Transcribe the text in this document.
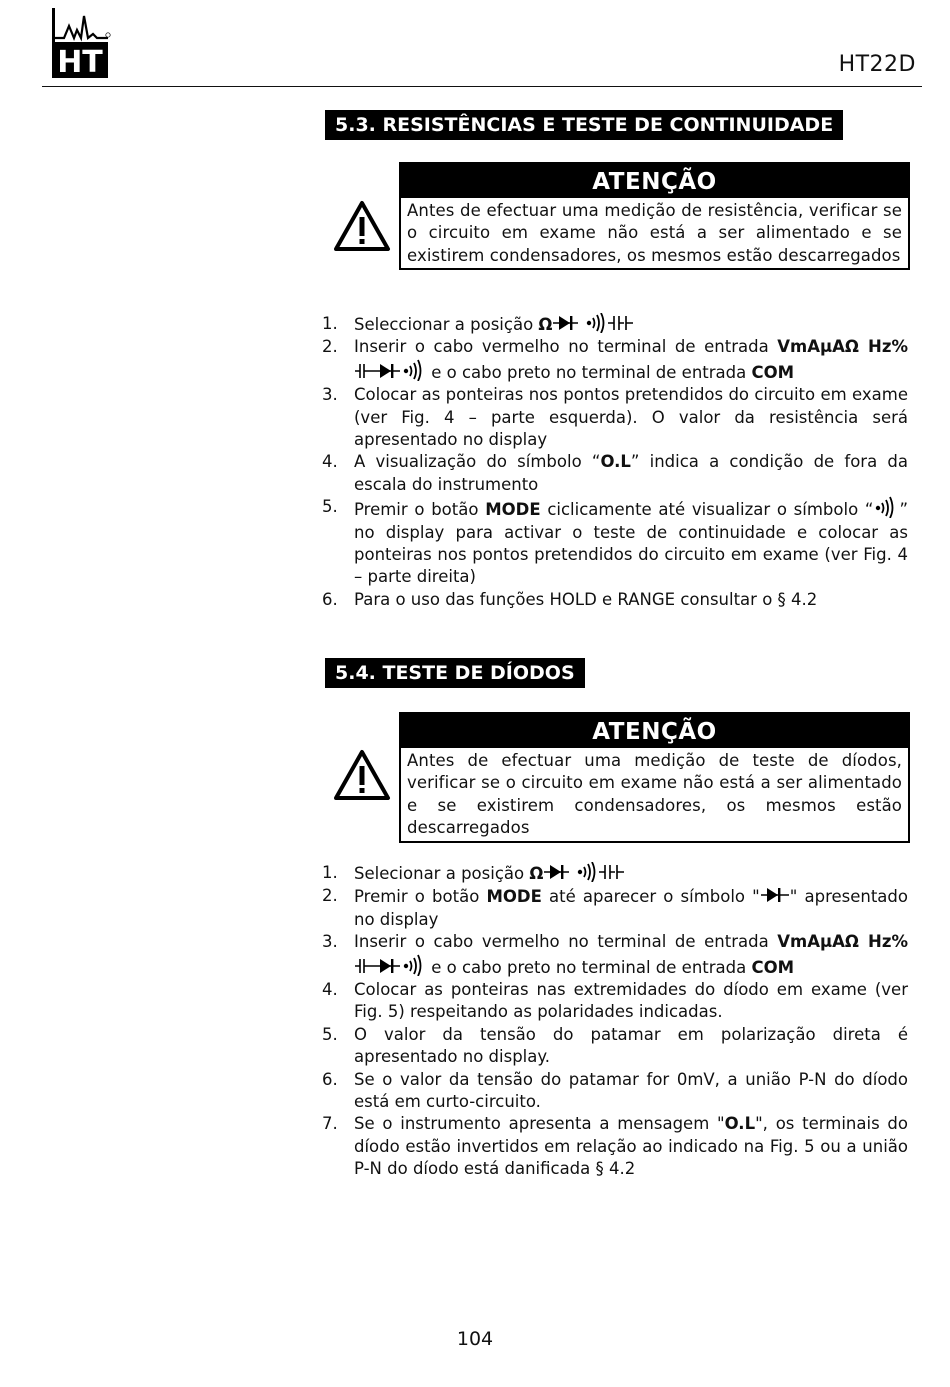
HT	HT22D
5.3. RESISTÊNCIAS E TESTE DE CONTINUIDADE
ATENÇÃO
Antes de efectuar uma medição de resistência, verificar se o circuito em exame não está a ser alimentado e se existirem condensadores, os mesmos estão descarregados
1. Seleccionar a posição Ω
2. Inserir o cabo vermelho no terminal de entrada VmAμAΩ Hz% e o cabo preto no terminal de entrada COM
3. Colocar as ponteiras nos pontos pretendidos do circuito em exame (ver Fig. 4 – parte esquerda). O valor da resistência será apresentado no display
4. A visualização do símbolo “O.L” indica a condição de fora da escala do instrumento
5. Premir o botão MODE ciclicamente até visualizar o símbolo “ ” no display para activar o teste de continuidade e colocar as ponteiras nos pontos pretendidos do circuito em exame (ver Fig. 4 – parte direita)
6. Para o uso das funções HOLD e RANGE consultar o § 4.2
5.4. TESTE DE DÍODOS
ATENÇÃO
Antes de efectuar uma medição de teste de díodos, verificar se o circuito em exame não está a ser alimentado e se existirem condensadores, os mesmos estão descarregados
1. Selecionar a posição Ω
2. Premir o botão MODE até aparecer o símbolo " " apresentado no display
3. Inserir o cabo vermelho no terminal de entrada VmAμAΩ Hz% e o cabo preto no terminal de entrada COM
4. Colocar as ponteiras nas extremidades do díodo em exame (ver Fig. 5) respeitando as polaridades indicadas.
5. O valor da tensão do patamar em polarização direta é apresentado no display.
6. Se o valor da tensão do patamar for 0mV, a união P-N do díodo está em curto-circuito.
7. Se o instrumento apresenta a mensagem "O.L", os terminais do díodo estão invertidos em relação ao indicado na Fig. 5 ou a união P-N do díodo está danificada § 4.2
104
